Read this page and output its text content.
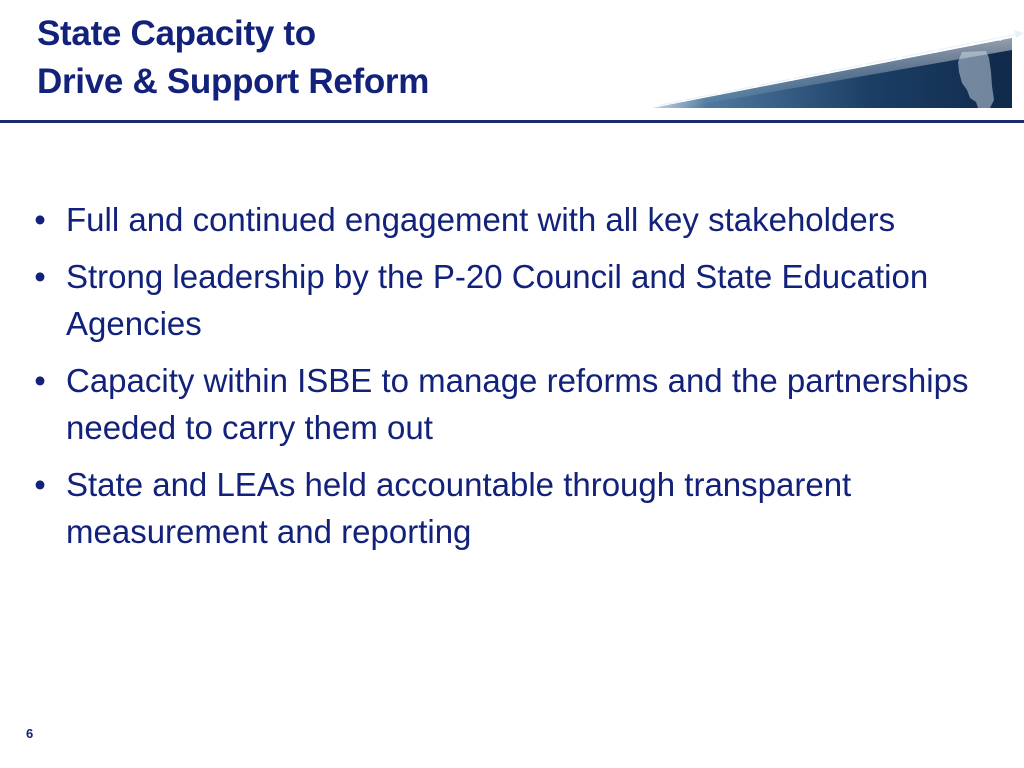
State Capacity to
Drive & Support Reform
• Full and continued engagement with all key stakeholders
• Strong leadership by the P-20 Council and State Education Agencies
• Capacity within ISBE to manage reforms and the partnerships needed to carry them out
• State and LEAs held accountable through transparent measurement and reporting
6
